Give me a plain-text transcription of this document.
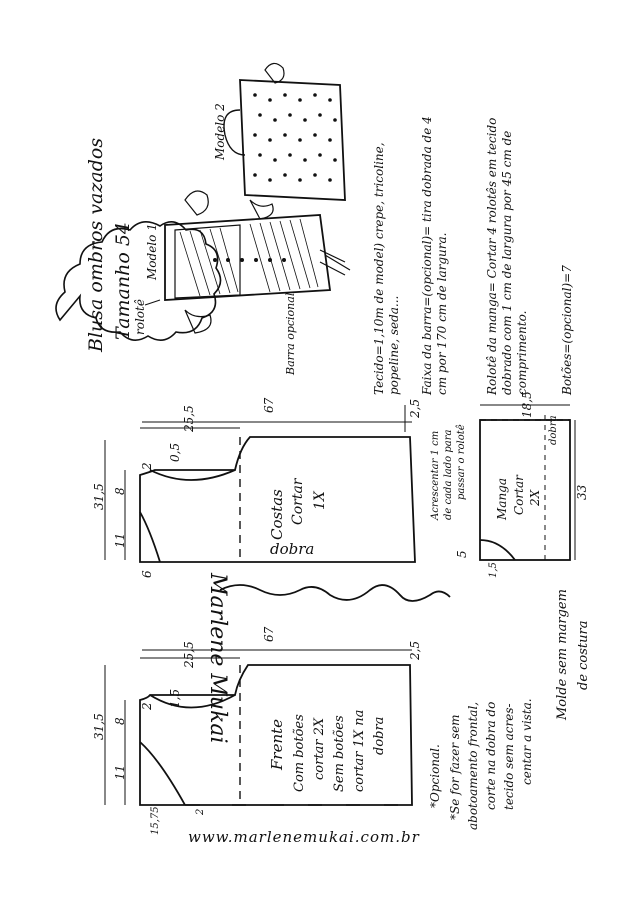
Blusa ombros vazados Tamanho 54 Modelo 1
Modelo 2
rolotê	Barra opcional	Tecido=1,10m de model) crepe, tricoline, popeline, seda... Faixa da barra=(opcional)= tira dobrada de 4 cm por 170 cm de largura.	Rolotê da manga= Cortar 4 rolotês em tecido dobrado com 1 cm de largura por 45 cm de comprimento.	Botões=(opcional)=7
Costas Cortar 1X
dobra
67
25,5
31,5
11
8
2
0,5
6
2,5
Manga Cortar 2X
dobra
18,5
33
5
1,5
Acrescentar 1 cm de cada lado para passar o rolotê
Frente Com botões cortar 2X Sem botões cortar 1X na dobra
67
25,5
31,5
11
8
2 1,5
2,5
15,75	2
*Opcional. *Se for fazer sem abotoamento frontal, corte na dobra do tecido sem acres- centar a vista.
Molde sem margem de costura
www.marlenemukai.com.br
Marlene Mukai
